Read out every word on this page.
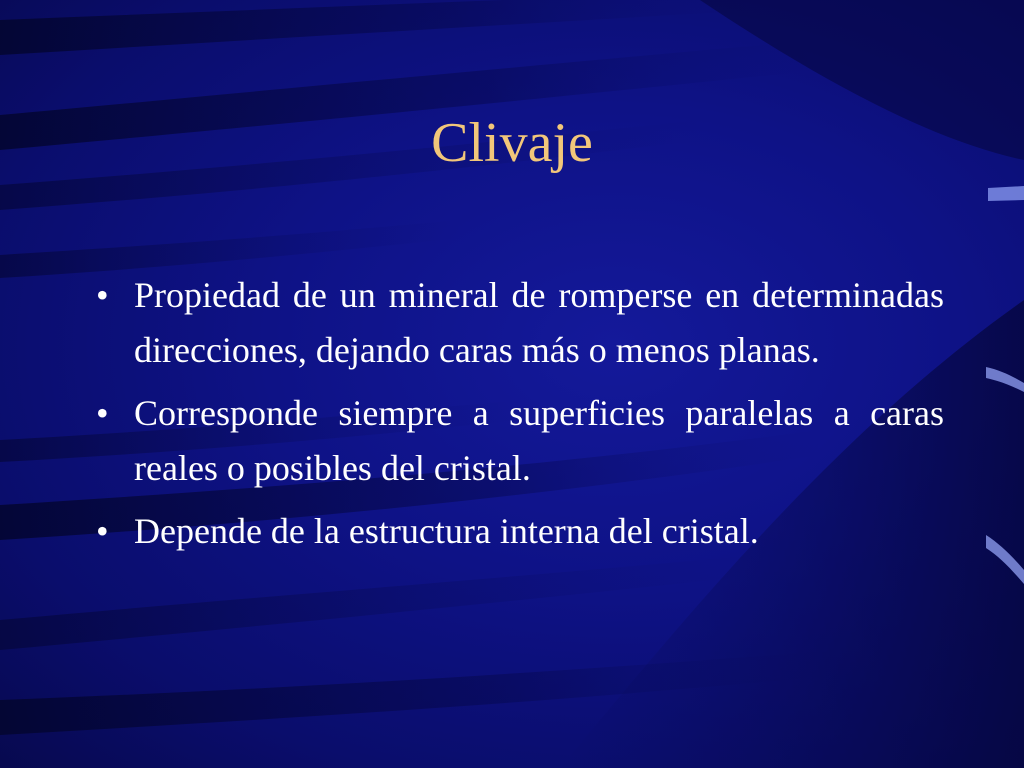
Clivaje
• Propiedad de un mineral de romperse en determinadas direcciones, dejando caras más o menos planas.
• Corresponde siempre a superficies paralelas a caras reales o posibles del cristal.
• Depende de la estructura interna del cristal.
